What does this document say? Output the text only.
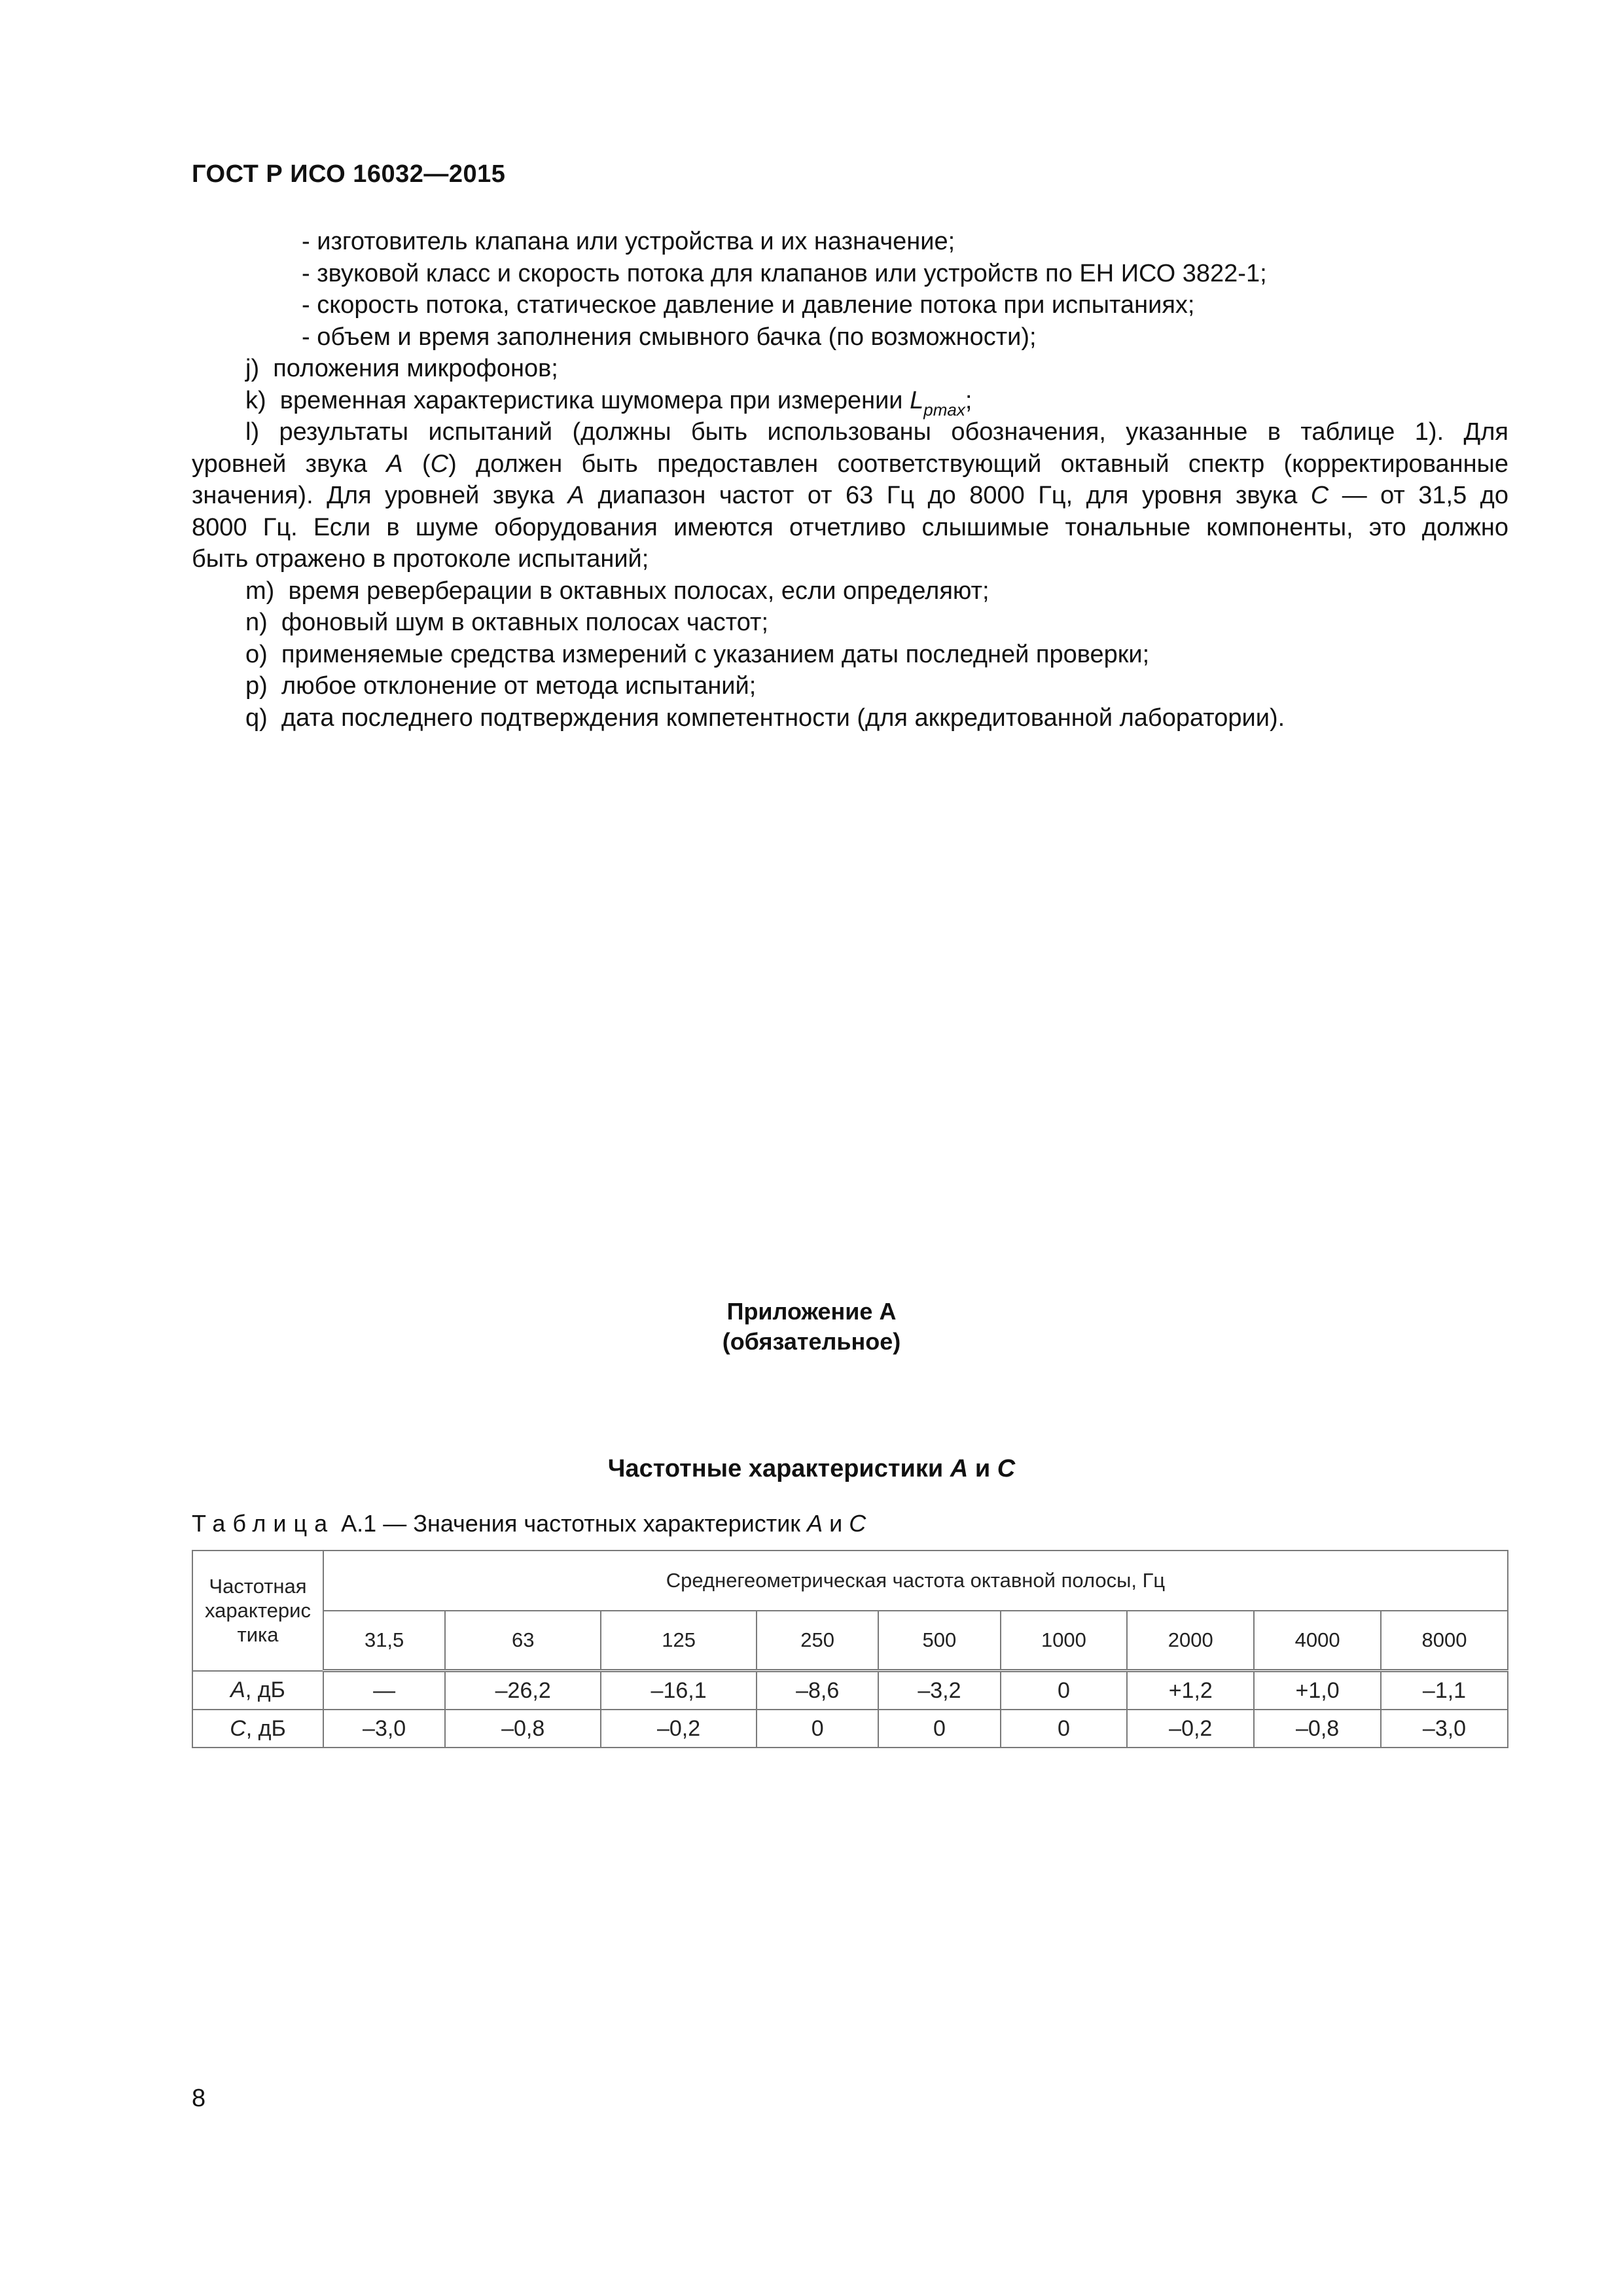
ГОСТ Р ИСО 16032—2015
- изготовитель клапана или устройства и их назначение;
- звуковой класс и скорость потока для клапанов или устройств по ЕН ИСО 3822-1;
- скорость потока, статическое давление и давление потока при испытаниях;
- объем и время заполнения смывного бачка (по возможности);
j) положения микрофонов;
k) временная характеристика шумомера при измерении $L_{pmax}$;
l) результаты испытаний (должны быть использованы обозначения, указанные в таблице 1). Для
уровней звука A (C) должен быть предоставлен соответствующий октавный спектр (корректированные
значения). Для уровней звука A диапазон частот от 63 Гц до 8000 Гц, для уровня звука C — от 31,5 до
8000 Гц. Если в шуме оборудования имеются отчетливо слышимые тональные компоненты, это должно
быть отражено в протоколе испытаний;
m) время реверберации в октавных полосах, если определяют;
n) фоновый шум в октавных полосах частот;
o) применяемые средства измерений с указанием даты последней проверки;
p) любое отклонение от метода испытаний;
q) дата последнего подтверждения компетентности (для аккредитованной лаборатории).
Приложение А
(обязательное)
Частотные характеристики A и C
Таблица А.1 — Значения частотных характеристик A и C
Частотная
характерис
тика	Среднегеометрическая частота октавной полосы, Гц								
	31,5	63	125	250	500	1000	2000	4000	8000
A, дБ	—	–26,2	–16,1	–8,6	–3,2	0	+1,2	+1,0	–1,1
C, дБ	–3,0	–0,8	–0,2	0	0	0	–0,2	–0,8	–3,0
8
